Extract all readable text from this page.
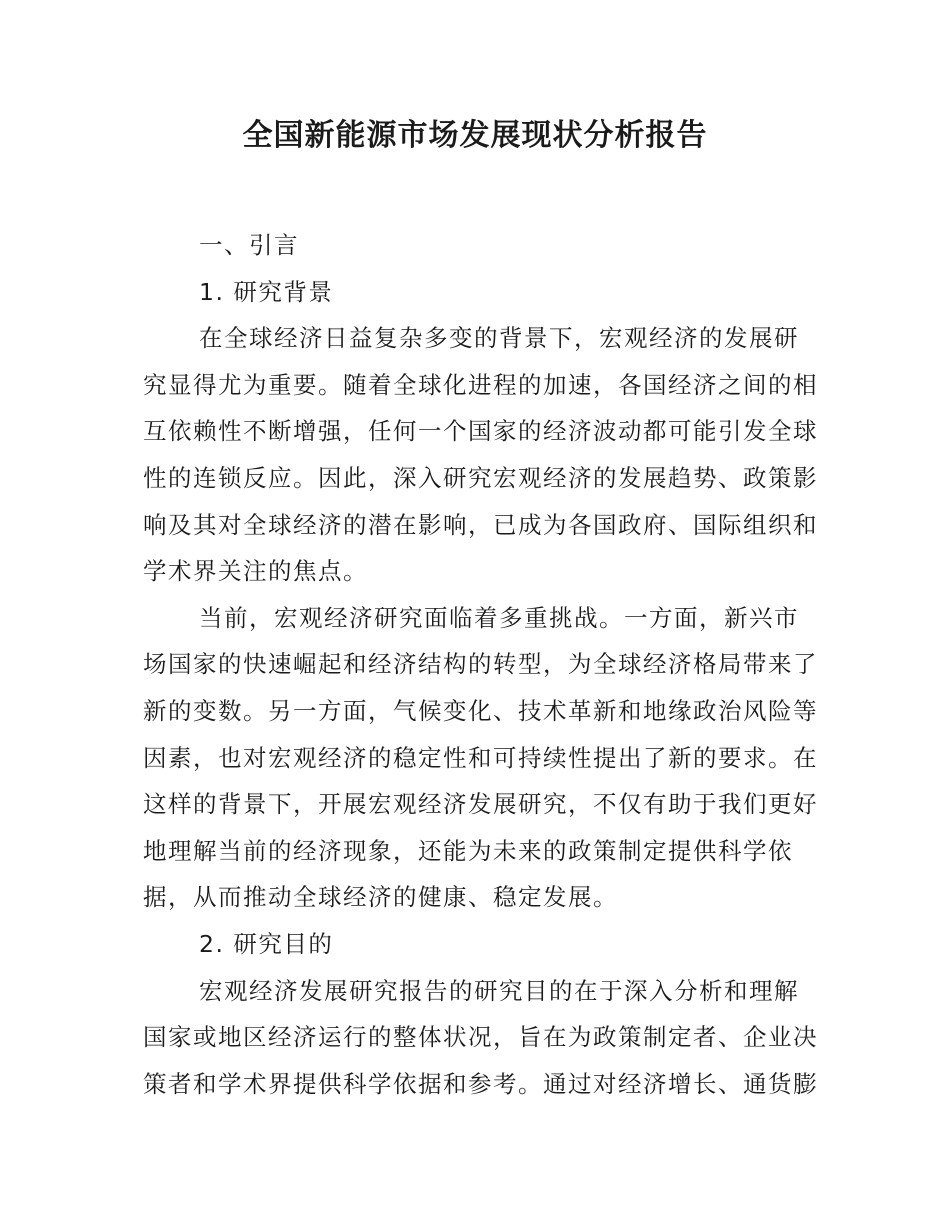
全国新能源市场发展现状分析报告
一、引言
1. 研究背景
在全球经济日益复杂多变的背景下，宏观经济的发展研
究显得尤为重要。随着全球化进程的加速，各国经济之间的相
互依赖性不断增强，任何一个国家的经济波动都可能引发全球
性的连锁反应。因此，深入研究宏观经济的发展趋势、政策影
响及其对全球经济的潜在影响，已成为各国政府、国际组织和
学术界关注的焦点。
当前，宏观经济研究面临着多重挑战。一方面，新兴市
场国家的快速崛起和经济结构的转型，为全球经济格局带来了
新的变数。另一方面，气候变化、技术革新和地缘政治风险等
因素，也对宏观经济的稳定性和可持续性提出了新的要求。在
这样的背景下，开展宏观经济发展研究，不仅有助于我们更好
地理解当前的经济现象，还能为未来的政策制定提供科学依
据，从而推动全球经济的健康、稳定发展。
2. 研究目的
宏观经济发展研究报告的研究目的在于深入分析和理解
国家或地区经济运行的整体状况，旨在为政策制定者、企业决
策者和学术界提供科学依据和参考。通过对经济增长、通货膨
